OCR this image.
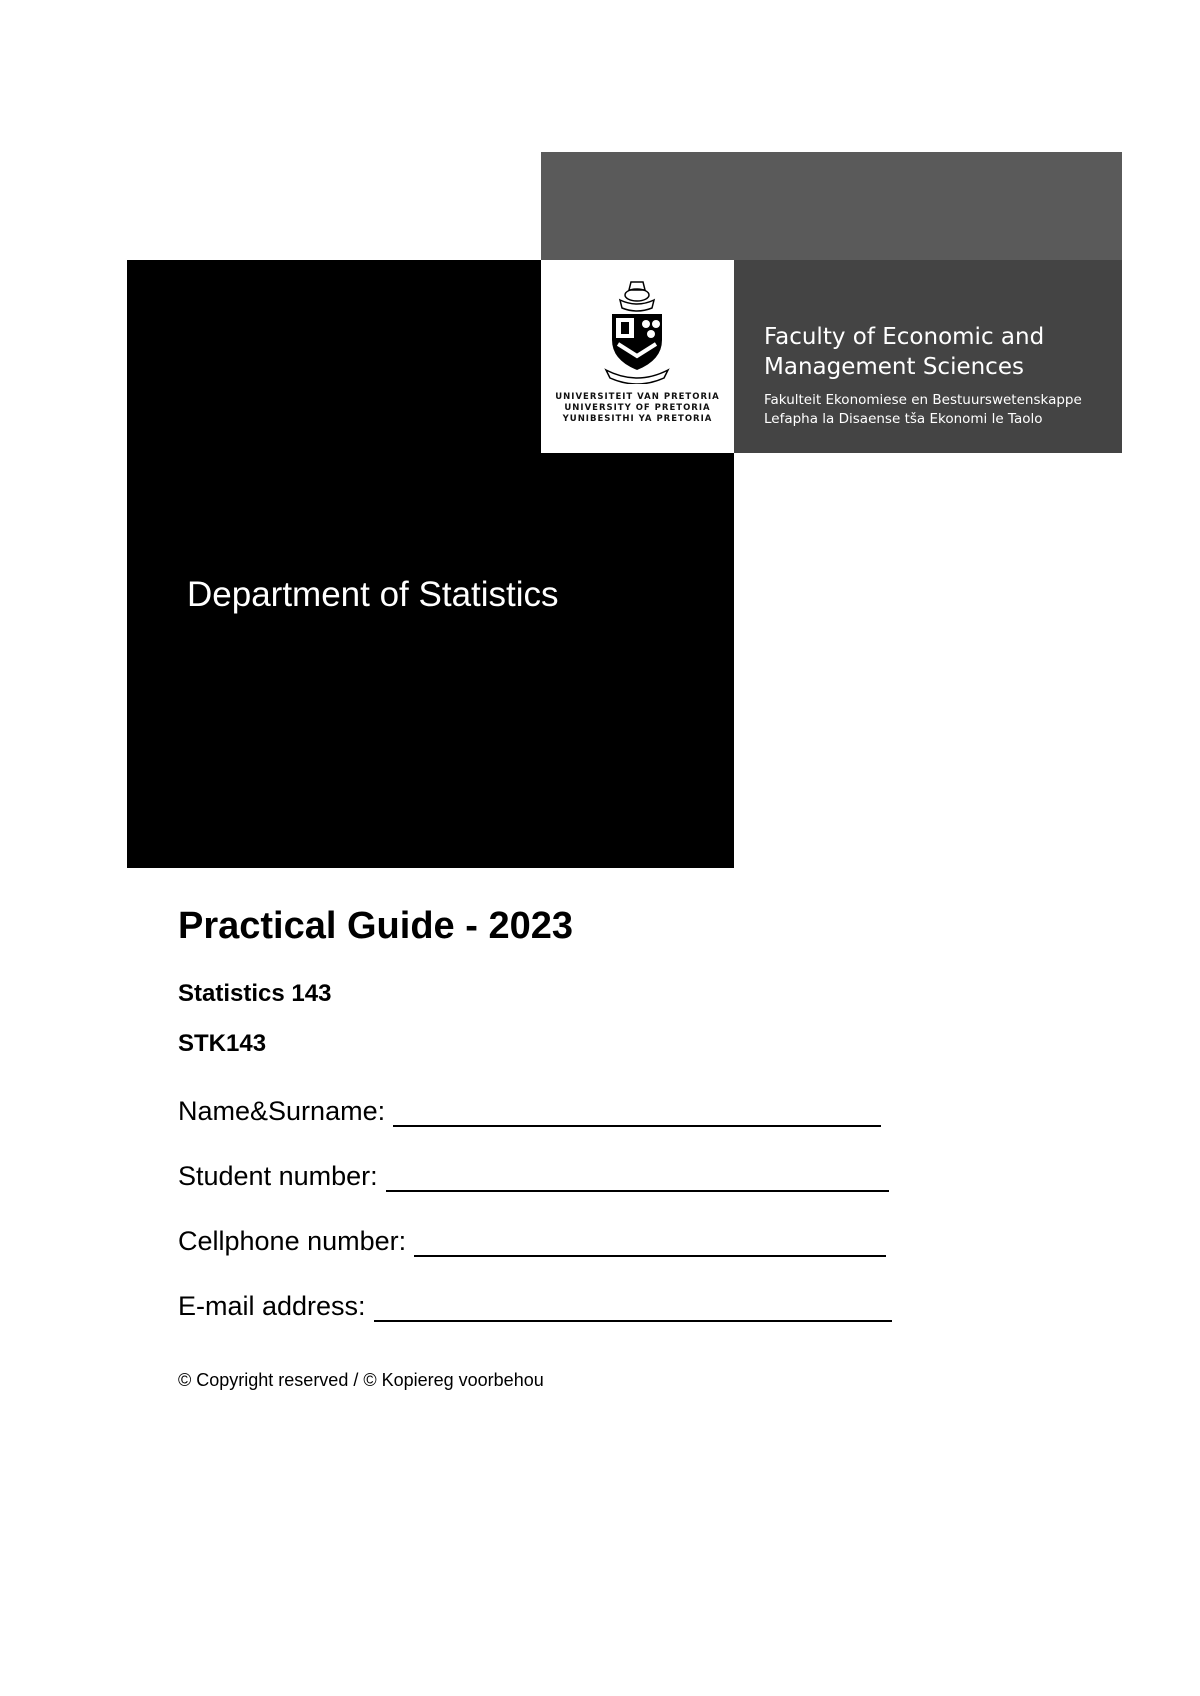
Department of Statistics
UNIVERSITEIT VAN PRETORIA
UNIVERSITY OF PRETORIA
YUNIBESITHI YA PRETORIA
Faculty of Economic and
Management Sciences
Fakulteit Ekonomiese en Bestuurswetenskappe
Lefapha la Disaense tša Ekonomi le Taolo
Practical Guide - 2023
Statistics 143
STK143
Name&Surname:
Student number:
Cellphone number:
E-mail address:
© Copyright reserved / © Kopiereg voorbehou
